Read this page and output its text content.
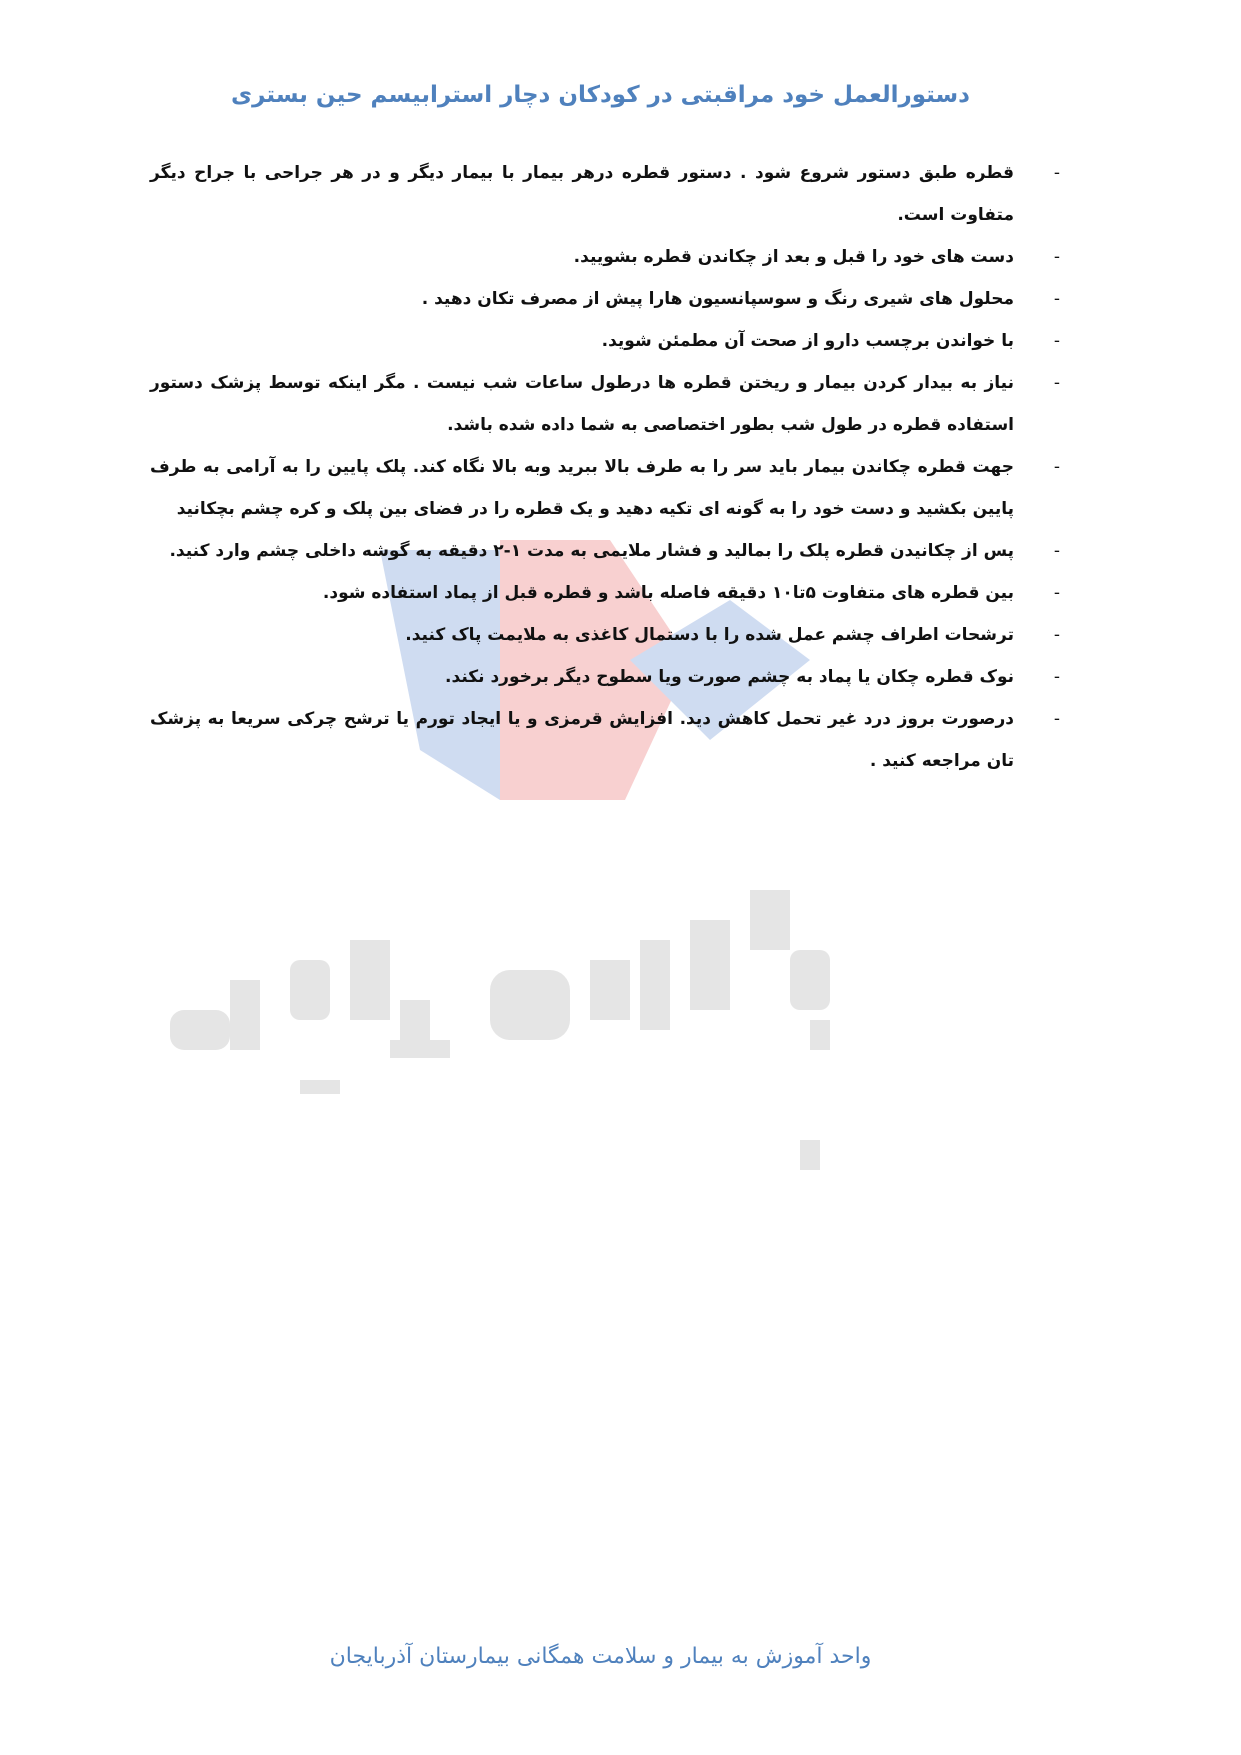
دستورالعمل خود مراقبتی در کودکان دچار استرابیسم حین بستری
-
قطره طبق دستور شروع شود . دستور قطره درهر بیمار با بیمار دیگر و در هر جراحی با جراح دیگر متفاوت است.
-
دست های خود را قبل و بعد از چکاندن قطره بشویید.
-
محلول های شیری رنگ و سوسپانسیون هارا پیش از مصرف تکان دهید .
-
با خواندن برچسب دارو از صحت آن مطمئن شوید.
-
نیاز به بیدار کردن بیمار و ریختن قطره ها درطول ساعات شب نیست . مگر اینکه توسط پزشک دستور استفاده قطره در طول شب بطور اختصاصی به شما داده شده باشد.
-
جهت قطره چکاندن بیمار باید سر را به طرف بالا ببرید وبه بالا نگاه کند. پلک پایین را به آرامی به طرف پایین بکشید و دست خود را به گونه ای تکیه دهید و یک قطره را در فضای بین پلک و کره چشم بچکانید
-
پس از چکانیدن قطره پلک را بمالید و فشار ملایمی به مدت ۱-۲ دقیقه به گوشه داخلی چشم وارد کنید.
-
بین قطره های متفاوت ۵تا۱۰ دقیقه فاصله باشد و قطره قبل از پماد استفاده شود.
-
ترشحات اطراف چشم عمل شده را با دستمال کاغذی به ملایمت پاک کنید.
-
نوک قطره چکان یا پماد به چشم صورت ویا سطوح دیگر برخورد نکند.
-
درصورت بروز درد غیر تحمل کاهش دید. افزایش قرمزی و یا ایجاد تورم یا ترشح چرکی سریعا به پزشک تان مراجعه کنید .
واحد آموزش به بیمار و سلامت همگانی بیمارستان آذربایجان
